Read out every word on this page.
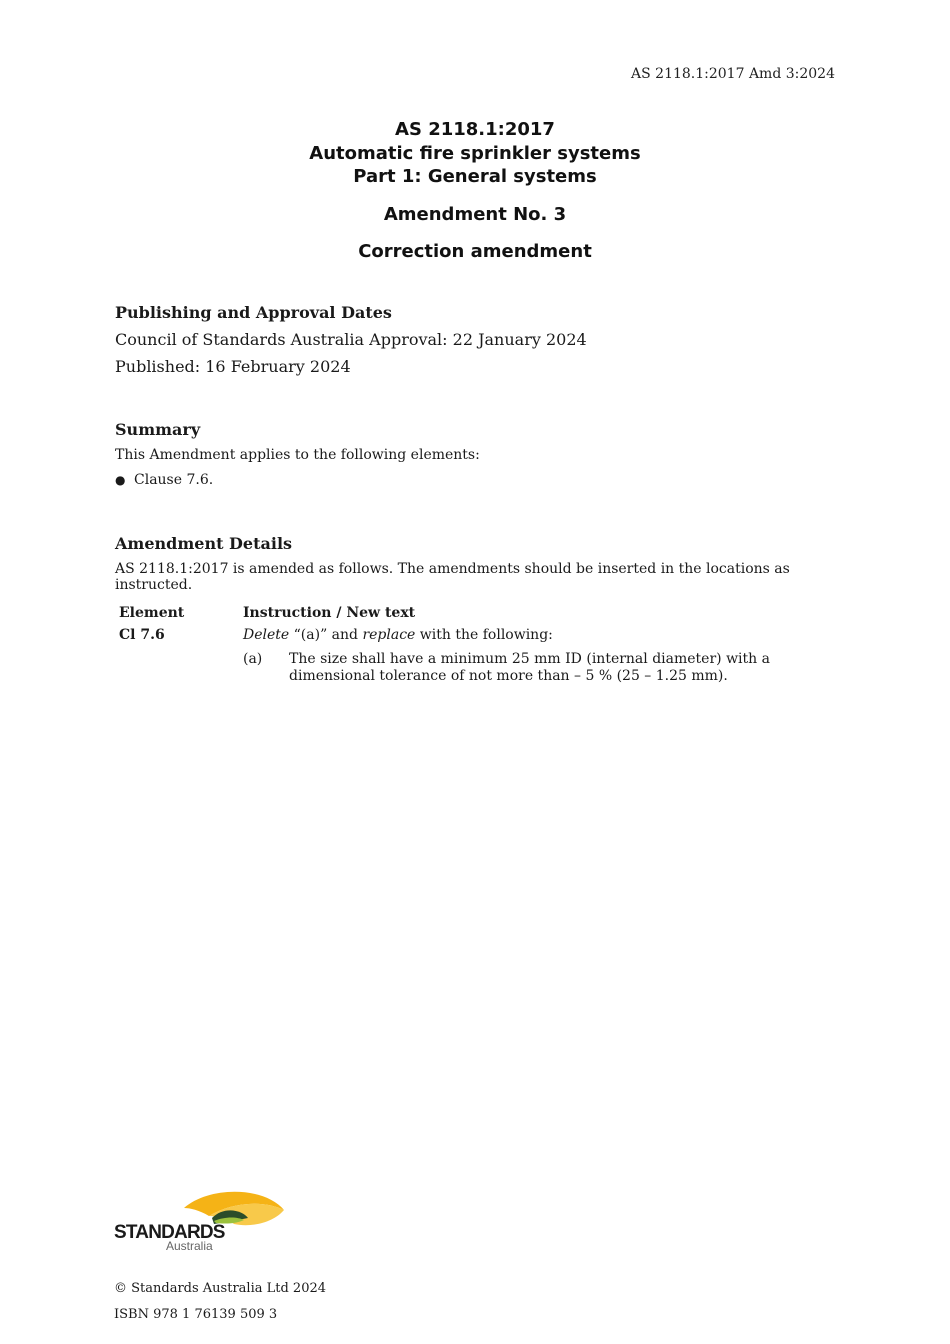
AS 2118.1:2017 Amd 3:2024
AS 2118.1:2017
Automatic fire sprinkler systems
Part 1: General systems
Amendment No. 3
Correction amendment
Publishing and Approval Dates
Council of Standards Australia Approval: 22 January 2024
Published: 16 February 2024
Summary
This Amendment applies to the following elements:
● Clause 7.6.
Amendment Details
AS 2118.1:2017 is amended as follows. The amendments should be inserted in the locations as instructed.
Element	Instruction / New text
Cl 7.6	Delete “(a)” and replace with the following:
(a) The size shall have a minimum 25 mm ID (internal diameter) with a dimensional tolerance of not more than – 5 % (25 – 1.25 mm).
STANDARDS
Australia
© Standards Australia Ltd 2024
ISBN 978 1 76139 509 3
